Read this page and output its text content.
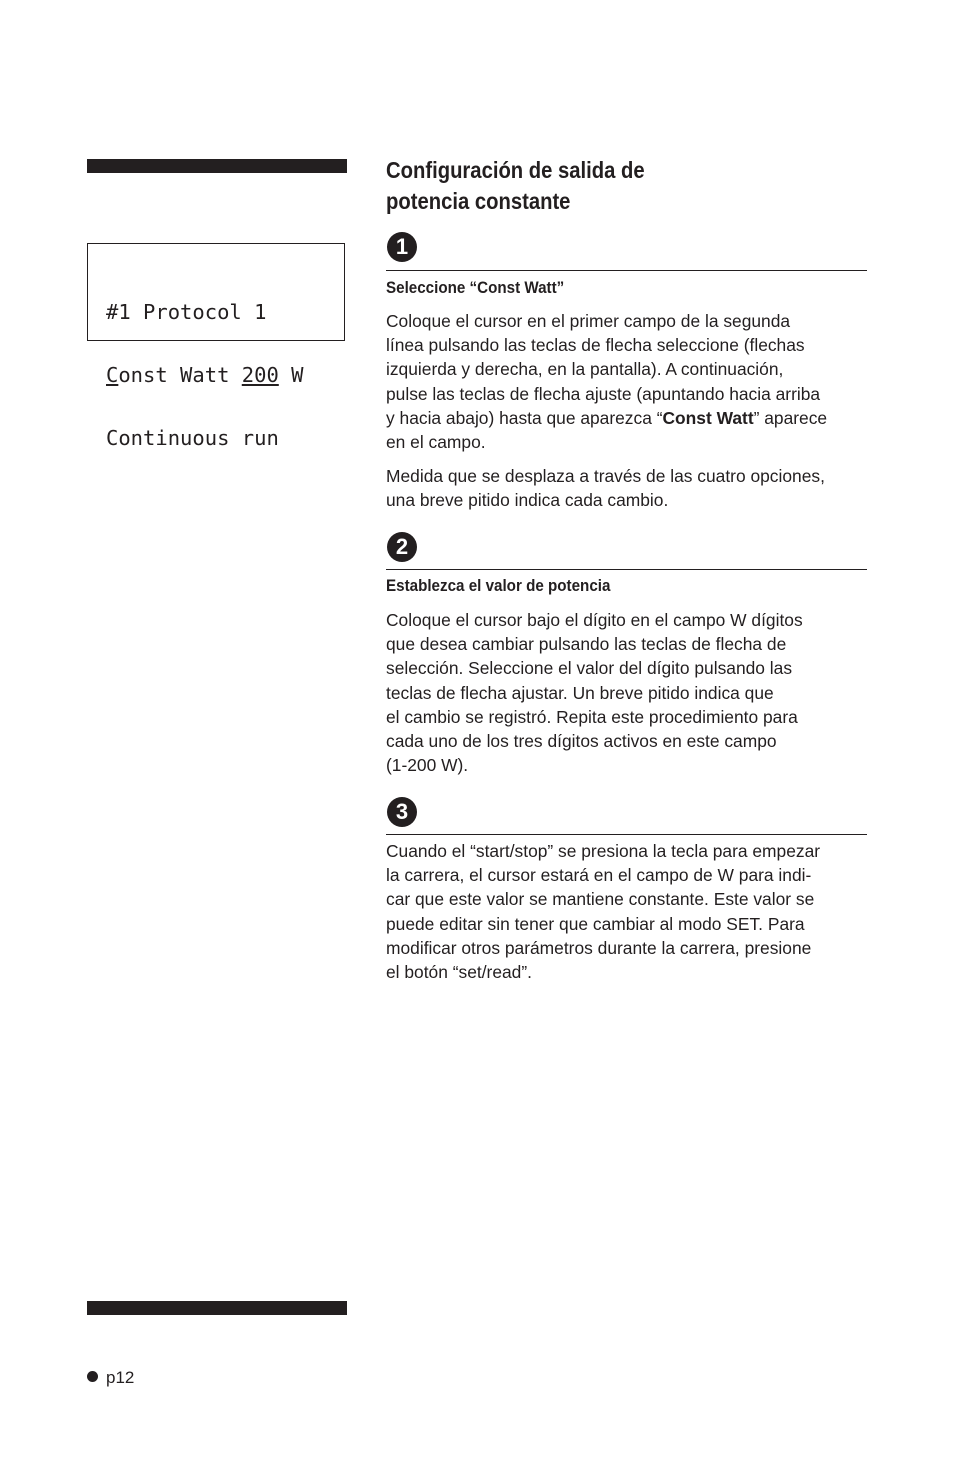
#1 Protocol 1

Const Watt 200 W

Continuous run

Configuración de salida de
potencia constante
1
Seleccione “Const Watt”
Coloque el cursor en el primer campo de la segunda
línea pulsando las teclas de flecha seleccione (flechas
izquierda y derecha, en la pantalla). A continuación,
pulse las teclas de flecha ajuste (apuntando hacia arriba
y hacia abajo) hasta que aparezca “Const Watt” aparece
en el campo.
Medida que se desplaza a través de las cuatro opciones,
una breve pitido indica cada cambio.
2
Establezca el valor de potencia
Coloque el cursor bajo el dígito en el campo W dígitos
que desea cambiar pulsando las teclas de flecha de
selección. Seleccione el valor del dígito pulsando las
teclas de flecha ajustar. Un breve pitido indica que
el cambio se registró. Repita este procedimiento para
cada uno de los tres dígitos activos en este campo
(1-200 W).
3
Cuando el “start/stop” se presiona la tecla para empezar
la carrera, el cursor estará en el campo de W para indi-
car que este valor se mantiene constante. Este valor se
puede editar sin tener que cambiar al modo SET. Para
modificar otros parámetros durante la carrera, presione
el botón “set/read”.
p12
